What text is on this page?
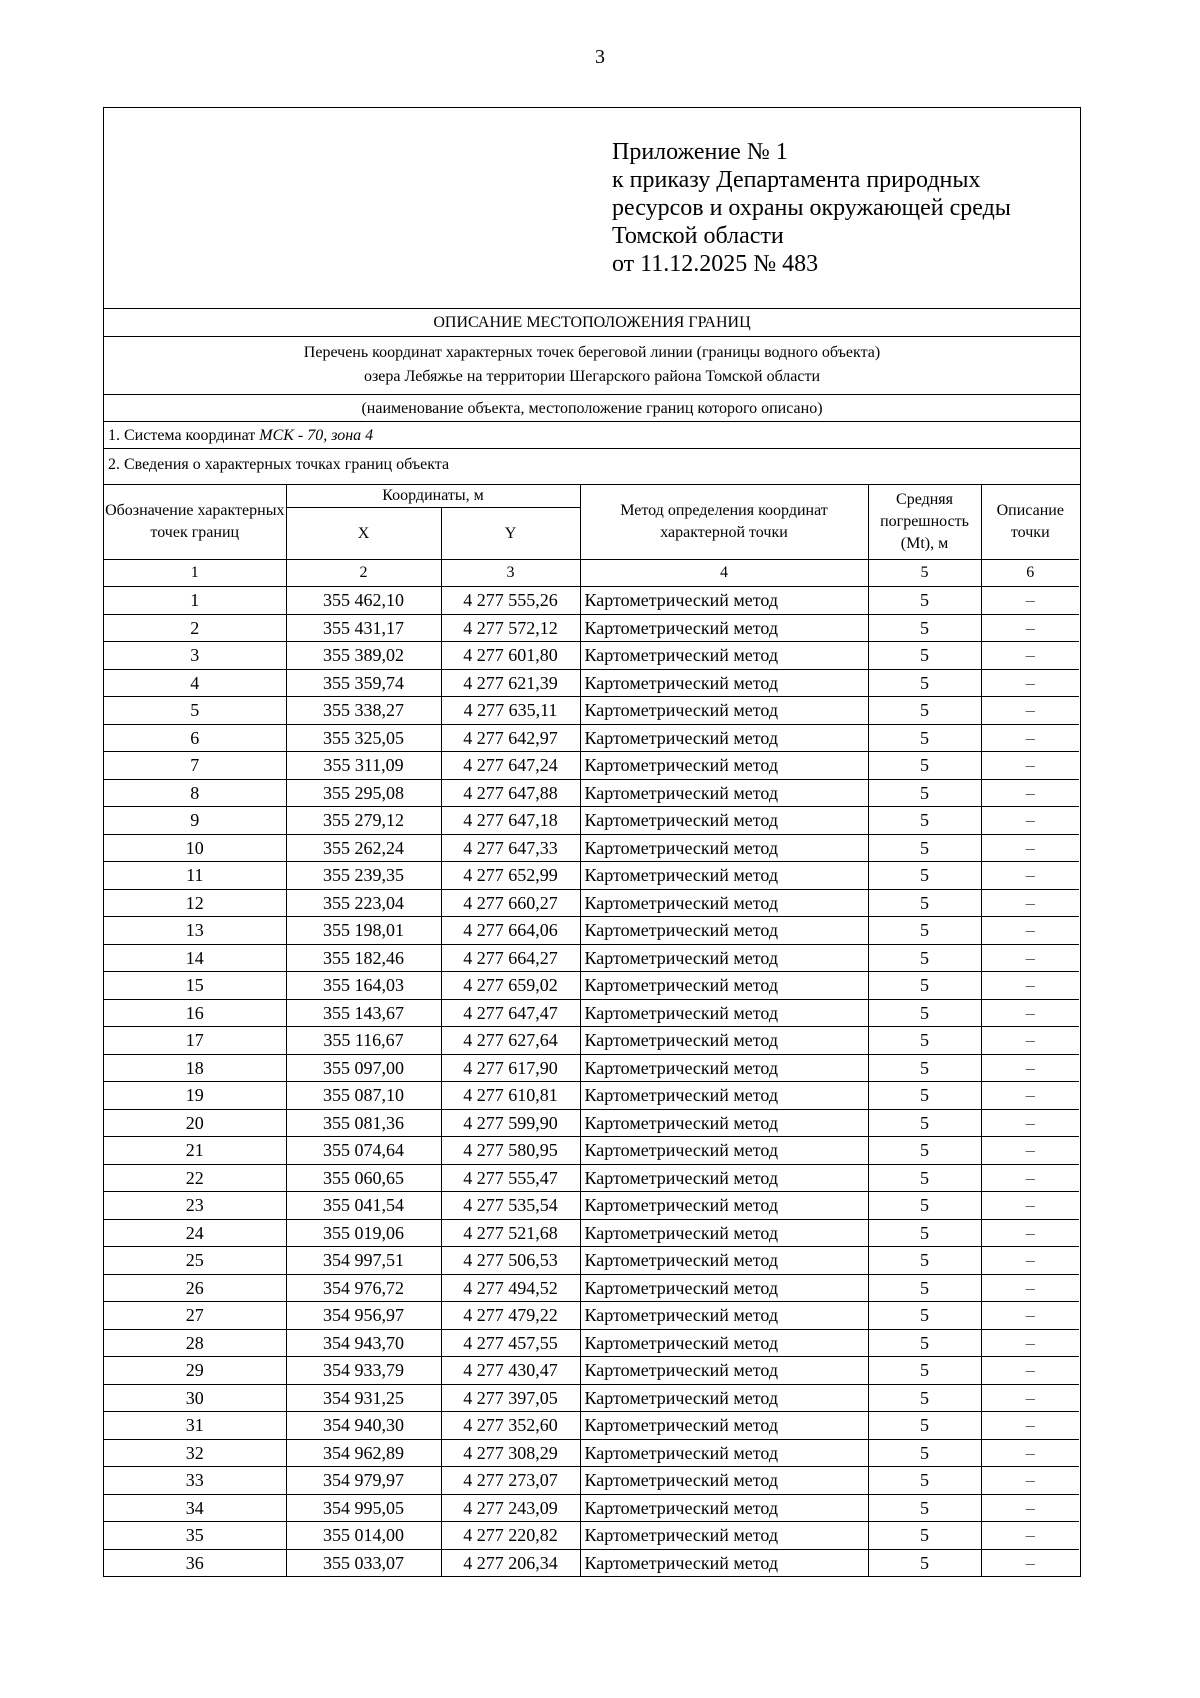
3
Приложение № 1
к приказу Департамента природных
ресурсов и охраны окружающей среды
Томской области
от 11.12.2025 № 483
ОПИСАНИЕ МЕСТОПОЛОЖЕНИЯ ГРАНИЦ
Перечень координат характерных точек береговой линии (границы водного объекта)
озера Лебяжье на территории Шегарского района Томской области
(наименование объекта, местоположение границ которого описано)
1. Система координат МСК - 70, зона 4
2. Сведения о характерных точках границ объекта
Обозначение характерных точек границ	Координаты, м		Метод определения координат характерной точки	Средняя погрешность (Mt), м	Описание точки
	X	Y			
1	2	3	4	5	6
1	355 462,10	4 277 555,26	Картометрический метод	5	–
2	355 431,17	4 277 572,12	Картометрический метод	5	–
3	355 389,02	4 277 601,80	Картометрический метод	5	–
4	355 359,74	4 277 621,39	Картометрический метод	5	–
5	355 338,27	4 277 635,11	Картометрический метод	5	–
6	355 325,05	4 277 642,97	Картометрический метод	5	–
7	355 311,09	4 277 647,24	Картометрический метод	5	–
8	355 295,08	4 277 647,88	Картометрический метод	5	–
9	355 279,12	4 277 647,18	Картометрический метод	5	–
10	355 262,24	4 277 647,33	Картометрический метод	5	–
11	355 239,35	4 277 652,99	Картометрический метод	5	–
12	355 223,04	4 277 660,27	Картометрический метод	5	–
13	355 198,01	4 277 664,06	Картометрический метод	5	–
14	355 182,46	4 277 664,27	Картометрический метод	5	–
15	355 164,03	4 277 659,02	Картометрический метод	5	–
16	355 143,67	4 277 647,47	Картометрический метод	5	–
17	355 116,67	4 277 627,64	Картометрический метод	5	–
18	355 097,00	4 277 617,90	Картометрический метод	5	–
19	355 087,10	4 277 610,81	Картометрический метод	5	–
20	355 081,36	4 277 599,90	Картометрический метод	5	–
21	355 074,64	4 277 580,95	Картометрический метод	5	–
22	355 060,65	4 277 555,47	Картометрический метод	5	–
23	355 041,54	4 277 535,54	Картометрический метод	5	–
24	355 019,06	4 277 521,68	Картометрический метод	5	–
25	354 997,51	4 277 506,53	Картометрический метод	5	–
26	354 976,72	4 277 494,52	Картометрический метод	5	–
27	354 956,97	4 277 479,22	Картометрический метод	5	–
28	354 943,70	4 277 457,55	Картометрический метод	5	–
29	354 933,79	4 277 430,47	Картометрический метод	5	–
30	354 931,25	4 277 397,05	Картометрический метод	5	–
31	354 940,30	4 277 352,60	Картометрический метод	5	–
32	354 962,89	4 277 308,29	Картометрический метод	5	–
33	354 979,97	4 277 273,07	Картометрический метод	5	–
34	354 995,05	4 277 243,09	Картометрический метод	5	–
35	355 014,00	4 277 220,82	Картометрический метод	5	–
36	355 033,07	4 277 206,34	Картометрический метод	5	–
